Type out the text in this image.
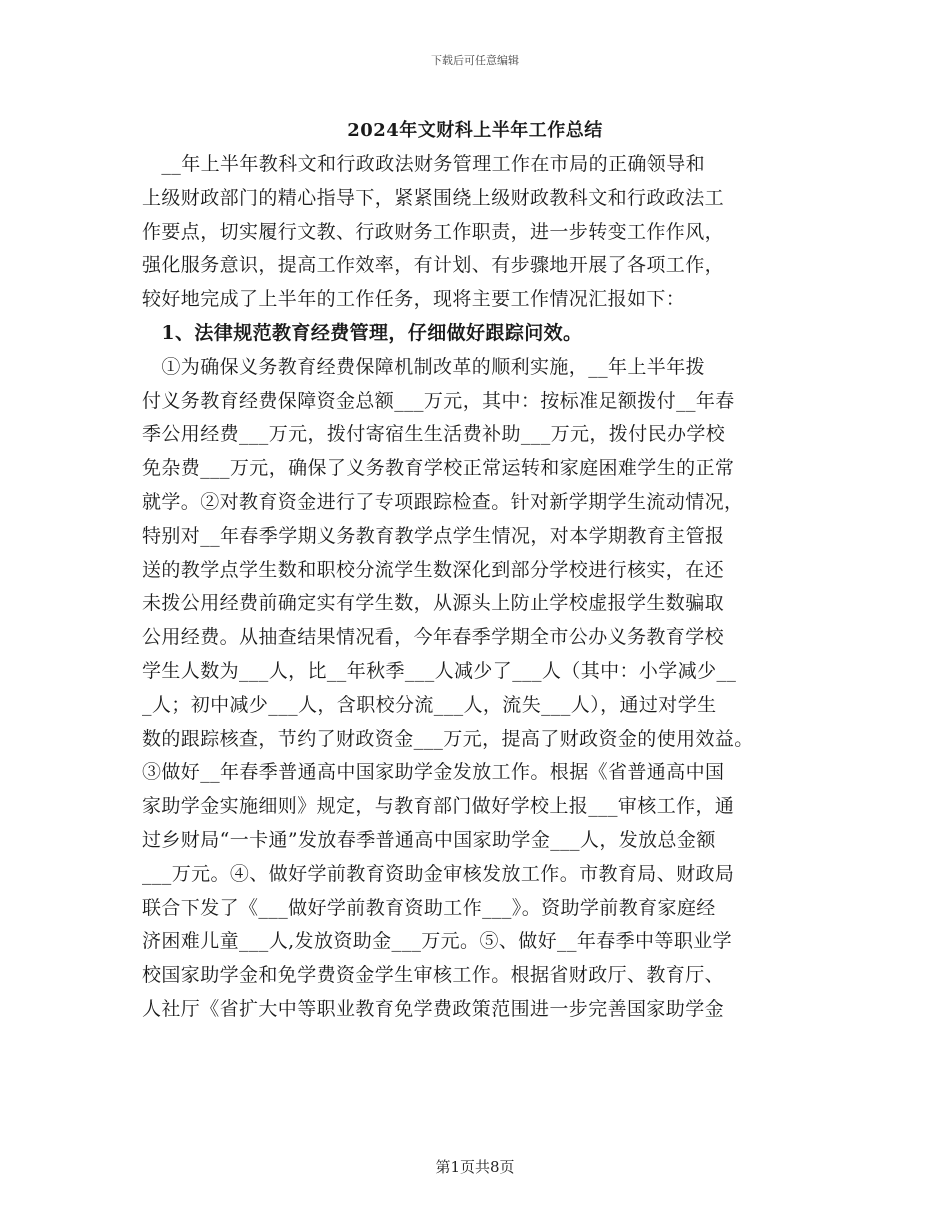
下载后可任意编辑
2024年文财科上半年工作总结
　__年上半年教科文和行政政法财务管理工作在市局的正确领导和
上级财政部门的精心指导下，紧紧围绕上级财政教科文和行政政法工
作要点，切实履行文教、行政财务工作职责，进一步转变工作作风，
强化服务意识，提高工作效率，有计划、有步骤地开展了各项工作，
较好地完成了上半年的工作任务，现将主要工作情况汇报如下：
　1、法律规范教育经费管理，仔细做好跟踪问效。
　①为确保义务教育经费保障机制改革的顺利实施，__年上半年拨
付义务教育经费保障资金总额___万元，其中：按标准足额拨付__年春
季公用经费___万元，拨付寄宿生生活费补助___万元，拨付民办学校
免杂费___万元，确保了义务教育学校正常运转和家庭困难学生的正常
就学。②对教育资金进行了专项跟踪检查。针对新学期学生流动情况，
特别对__年春季学期义务教育教学点学生情况，对本学期教育主管报
送的教学点学生数和职校分流学生数深化到部分学校进行核实，在还
未拨公用经费前确定实有学生数，从源头上防止学校虚报学生数骗取
公用经费。从抽查结果情况看，今年春季学期全市公办义务教育学校
学生人数为___人，比__年秋季___人减少了___人（其中：小学减少__
_人；初中减少___人，含职校分流___人，流失___人），通过对学生
数的跟踪核查，节约了财政资金___万元，提高了财政资金的使用效益。
③做好__年春季普通高中国家助学金发放工作。根据《省普通高中国
家助学金实施细则》规定，与教育部门做好学校上报___审核工作，通
过乡财局“一卡通”发放春季普通高中国家助学金___人，发放总金额
___万元。④、做好学前教育资助金审核发放工作。市教育局、财政局
联合下发了《___做好学前教育资助工作___》。资助学前教育家庭经
济困难儿童___人,发放资助金___万元。⑤、做好__年春季中等职业学
校国家助学金和免学费资金学生审核工作。根据省财政厅、教育厅、
人社厅《省扩大中等职业教育免学费政策范围进一步完善国家助学金
第1页共8页
